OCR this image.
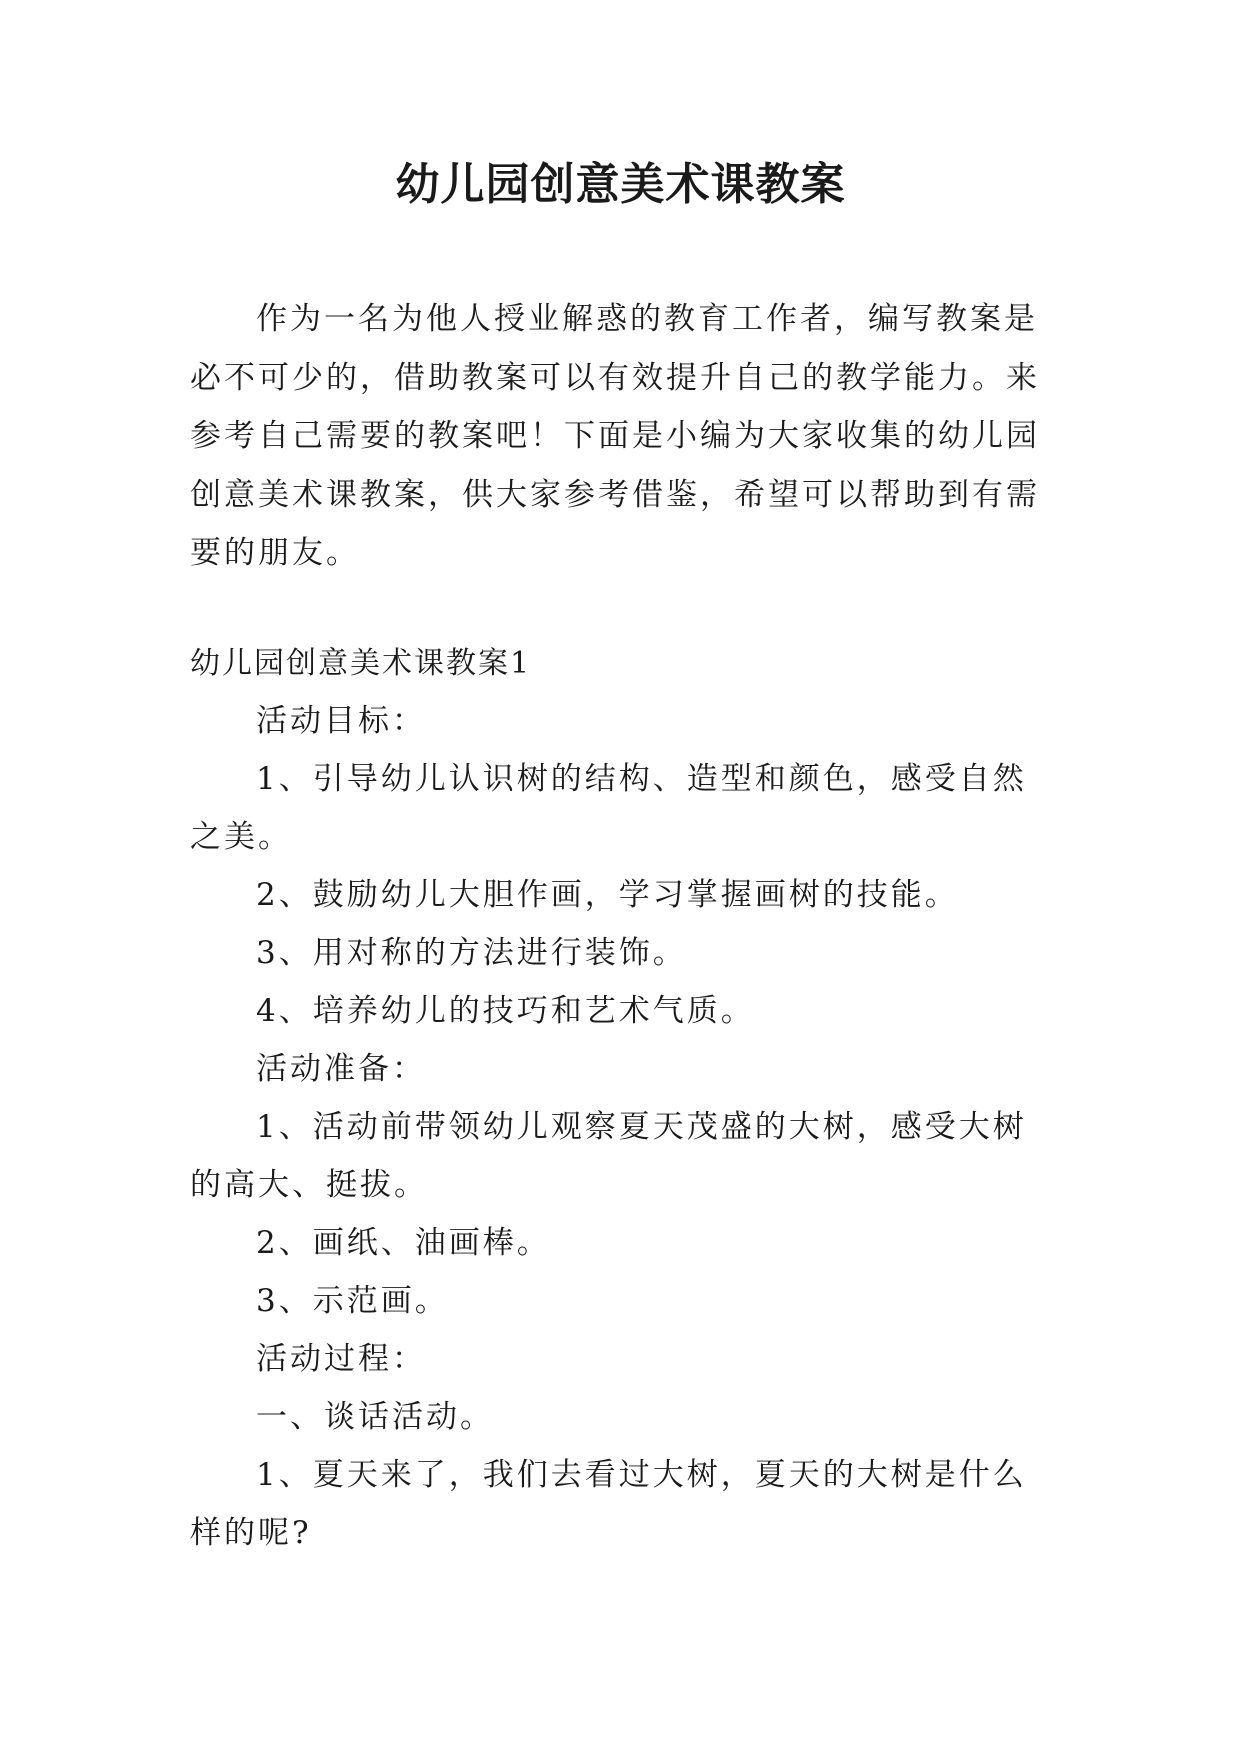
幼儿园创意美术课教案

作为一名为他人授业解惑的教育工作者，编写教案是必不可少的，借助教案可以有效提升自己的教学能力。来参考自己需要的教案吧！下面是小编为大家收集的幼儿园创意美术课教案，供大家参考借鉴，希望可以帮助到有需要的朋友。

幼儿园创意美术课教案1

活动目标：

1、引导幼儿认识树的结构、造型和颜色，感受自然之美。

2、鼓励幼儿大胆作画，学习掌握画树的技能。

3、用对称的方法进行装饰。

4、培养幼儿的技巧和艺术气质。

活动准备：

1、活动前带领幼儿观察夏天茂盛的大树，感受大树的高大、挺拔。

2、画纸、油画棒。

3、示范画。

活动过程：

一、谈话活动。

1、夏天来了，我们去看过大树，夏天的大树是什么样的呢?
